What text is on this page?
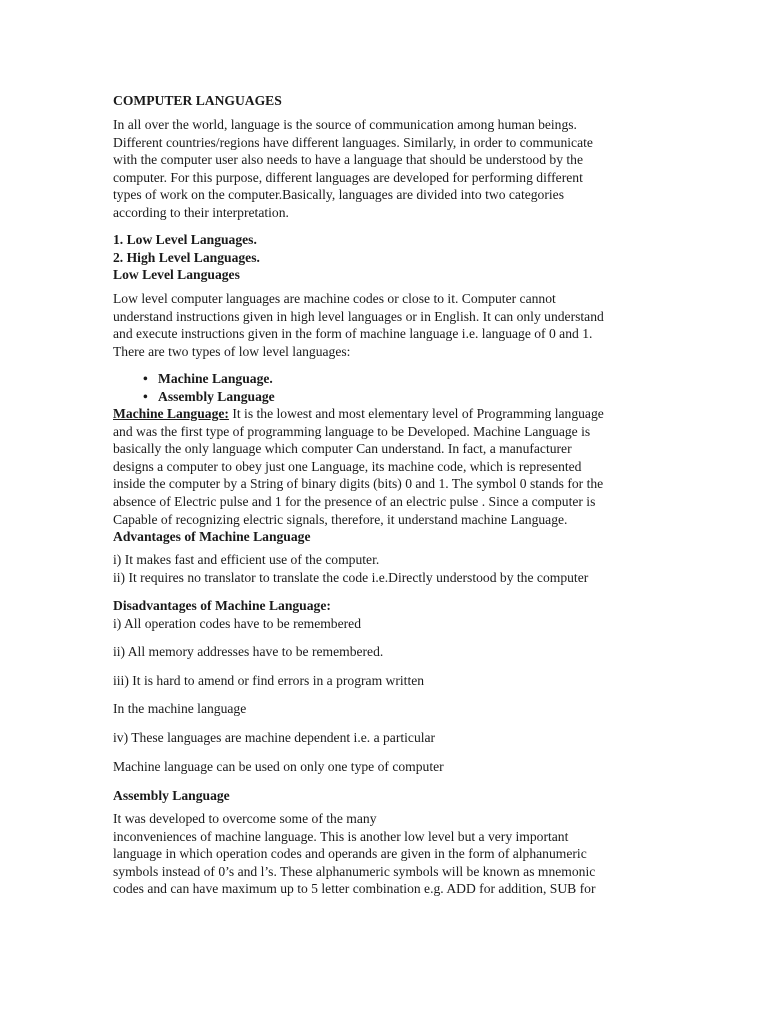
COMPUTER LANGUAGES
In all over the world, language is the source of communication among human beings.
Different countries/regions have different languages. Similarly, in order to communicate
with the computer user also needs to have a language that should be understood by the
computer. For this purpose, different languages are developed for performing different
types of work on the computer.Basically, languages are divided into two categories
according to their interpretation.
1. Low Level Languages.
2. High Level Languages.
Low Level Languages
Low level computer languages are machine codes or close to it. Computer cannot
understand instructions given in high level languages or in English. It can only understand
and execute instructions given in the form of machine language i.e. language of 0 and 1.
There are two types of low level languages:
• Machine Language.
• Assembly Language
Machine Language: It is the lowest and most elementary level of Programming language
and was the first type of programming language to be Developed. Machine Language is
basically the only language which computer Can understand. In fact, a manufacturer
designs a computer to obey just one Language, its machine code, which is represented
inside the computer by a String of binary digits (bits) 0 and 1. The symbol 0 stands for the
absence of Electric pulse and 1 for the presence of an electric pulse . Since a computer is
Capable of recognizing electric signals, therefore, it understand machine Language.
Advantages of Machine Language
i) It makes fast and efficient use of the computer.
ii) It requires no translator to translate the code i.e.Directly understood by the computer
Disadvantages of Machine Language:
i) All operation codes have to be remembered
ii) All memory addresses have to be remembered.
iii) It is hard to amend or find errors in a program written
In the machine language
iv) These languages are machine dependent i.e. a particular
Machine language can be used on only one type of computer
Assembly Language
It was developed to overcome some of the many
inconveniences of machine language. This is another low level but a very important
language in which operation codes and operands are given in the form of alphanumeric
symbols instead of 0’s and l’s. These alphanumeric symbols will be known as mnemonic
codes and can have maximum up to 5 letter combination e.g. ADD for addition, SUB for
